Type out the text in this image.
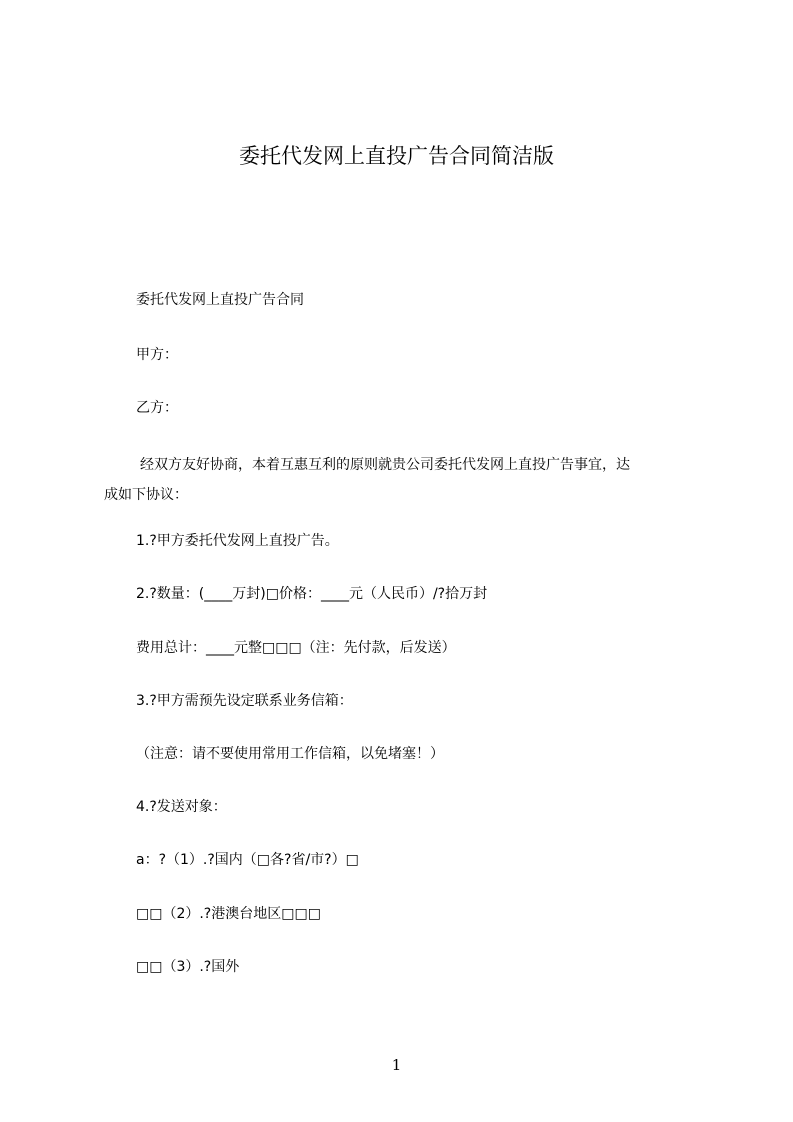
委托代发网上直投广告合同简洁版
委托代发网上直投广告合同
甲方：
乙方：
经双方友好协商，本着互惠互利的原则就贵公司委托代发网上直投广告事宜，达
成如下协议：
1.?甲方委托代发网上直投广告。
2.?数量：(____万封)□价格：____元（人民币）/?拾万封
费用总计：____元整□□□（注：先付款，后发送）
3.?甲方需预先设定联系业务信箱：
（注意：请不要使用常用工作信箱，以免堵塞！）
4.?发送对象：
a：?（1）.?国内（□各?省/市?）□
□□（2）.?港澳台地区□□□
□□（3）.?国外
1
